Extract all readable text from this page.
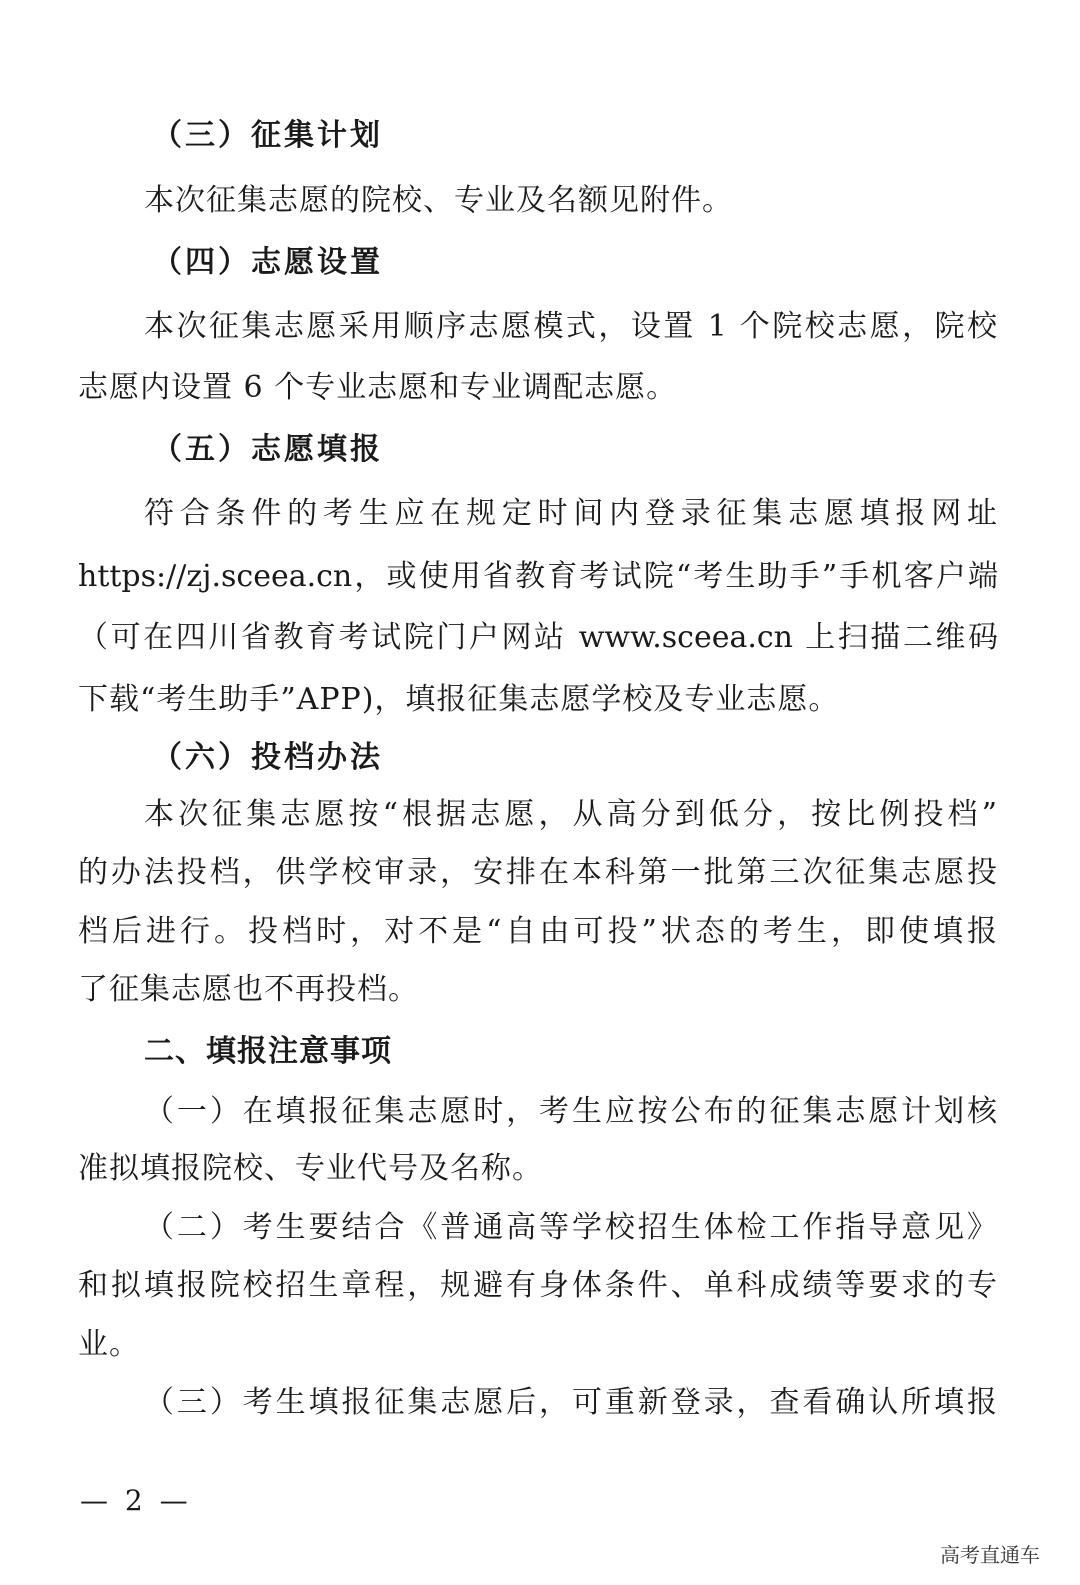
（三）征集计划
本次征集志愿的院校、专业及名额见附件。
（四）志愿设置
本次征集志愿采用顺序志愿模式，设置 1 个院校志愿，院校
志愿内设置 6 个专业志愿和专业调配志愿。
（五）志愿填报
符合条件的考生应在规定时间内登录征集志愿填报网址
https://zj.sceea.cn，或使用省教育考试院“考生助手”手机客户端
（可在四川省教育考试院门户网站 www.sceea.cn 上扫描二维码
下载“考生助手”APP)，填报征集志愿学校及专业志愿。
（六）投档办法
本次征集志愿按“根据志愿，从高分到低分，按比例投档”
的办法投档，供学校审录，安排在本科第一批第三次征集志愿投
档后进行。投档时，对不是“自由可投”状态的考生，即使填报
了征集志愿也不再投档。
二、填报注意事项
（一）在填报征集志愿时，考生应按公布的征集志愿计划核
准拟填报院校、专业代号及名称。
（二）考生要结合《普通高等学校招生体检工作指导意见》
和拟填报院校招生章程，规避有身体条件、单科成绩等要求的专
业。
（三）考生填报征集志愿后，可重新登录，查看确认所填报
— 2 —
高考直通车
